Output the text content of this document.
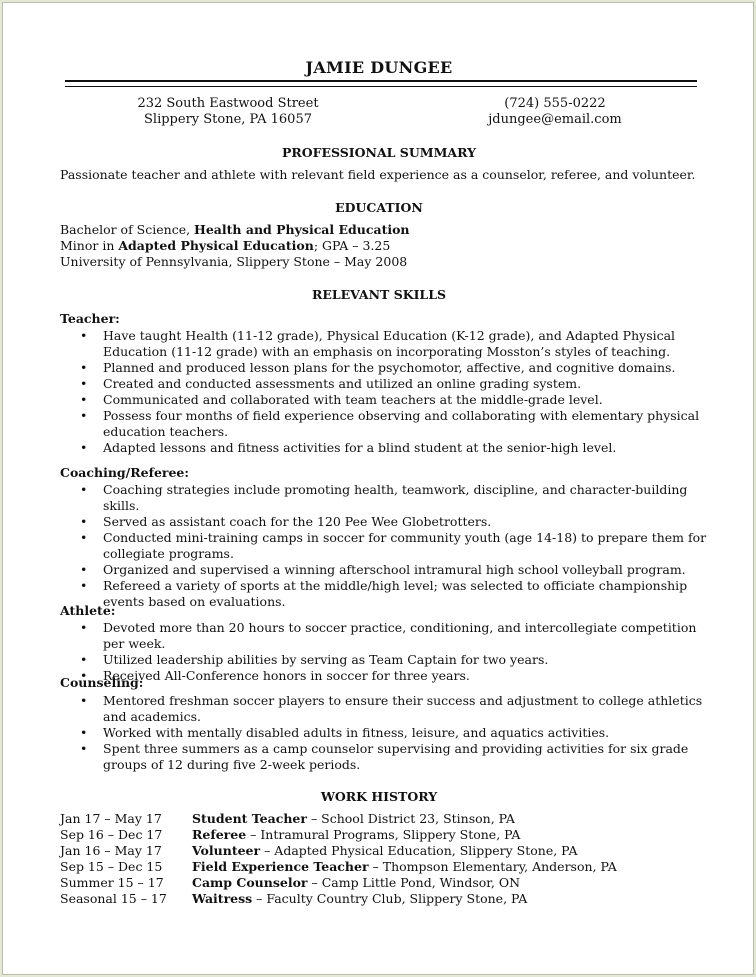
JAMIE DUNGEE
232 South Eastwood Street
Slippery Stone, PA 16057
(724) 555-0222
jdungee@email.com
PROFESSIONAL SUMMARY
Passionate teacher and athlete with relevant field experience as a counselor, referee, and volunteer.
EDUCATION
Bachelor of Science, Health and Physical Education
Minor in Adapted Physical Education; GPA – 3.25
University of Pennsylvania, Slippery Stone – May 2008
RELEVANT SKILLS
Teacher:
• Have taught Health (11-12 grade), Physical Education (K-12 grade), and Adapted Physical Education (11-12 grade) with an emphasis on incorporating Mosston’s styles of teaching.
• Planned and produced lesson plans for the psychomotor, affective, and cognitive domains.
• Created and conducted assessments and utilized an online grading system.
• Communicated and collaborated with team teachers at the middle-grade level.
• Possess four months of field experience observing and collaborating with elementary physical education teachers.
• Adapted lessons and fitness activities for a blind student at the senior-high level.
Coaching/Referee:
• Coaching strategies include promoting health, teamwork, discipline, and character-building skills.
• Served as assistant coach for the 120 Pee Wee Globetrotters.
• Conducted mini-training camps in soccer for community youth (age 14-18) to prepare them for collegiate programs.
• Organized and supervised a winning afterschool intramural high school volleyball program.
• Refereed a variety of sports at the middle/high level; was selected to officiate championship events based on evaluations.
Athlete:
• Devoted more than 20 hours to soccer practice, conditioning, and intercollegiate competition per week.
• Utilized leadership abilities by serving as Team Captain for two years.
• Received All-Conference honors in soccer for three years.
Counseling:
• Mentored freshman soccer players to ensure their success and adjustment to college athletics and academics.
• Worked with mentally disabled adults in fitness, leisure, and aquatics activities.
• Spent three summers as a camp counselor supervising and providing activities for six grade groups of 12 during five 2-week periods.
WORK HISTORY
Jan 17 – May 17 Student Teacher – School District 23, Stinson, PA
Sep 16 – Dec 17 Referee – Intramural Programs, Slippery Stone, PA
Jan 16 – May 17 Volunteer – Adapted Physical Education, Slippery Stone, PA
Sep 15 – Dec 15 Field Experience Teacher – Thompson Elementary, Anderson, PA
Summer 15 – 17 Camp Counselor – Camp Little Pond, Windsor, ON
Seasonal 15 – 17 Waitress – Faculty Country Club, Slippery Stone, PA
